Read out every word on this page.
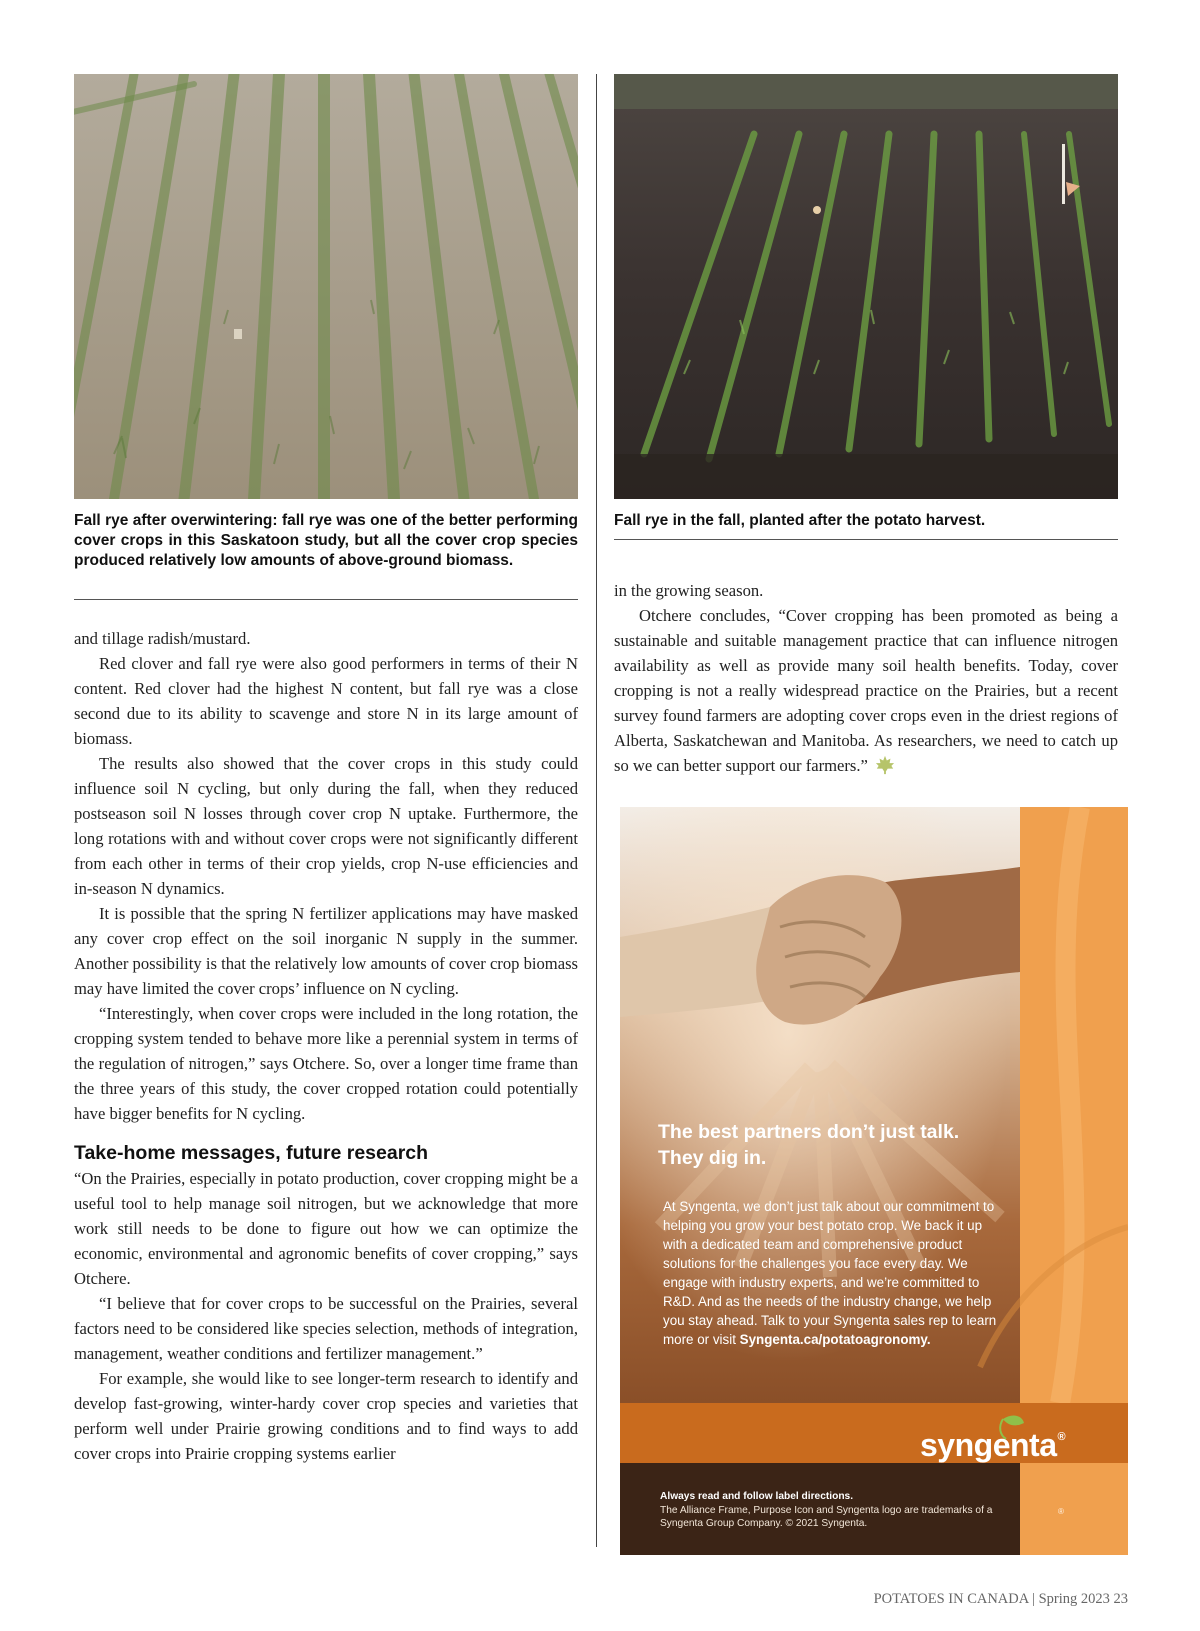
Fall rye after overwintering: fall rye was one of the better performing cover crops in this Saskatoon study, but all the cover crop species produced relatively low amounts of above-ground biomass.

Fall rye in the fall, planted after the potato harvest.

and tillage radish/mustard.

Red clover and fall rye were also good performers in terms of their N content. Red clover had the highest N content, but fall rye was a close second due to its ability to scavenge and store N in its large amount of biomass.

The results also showed that the cover crops in this study could influence soil N cycling, but only during the fall, when they reduced postseason soil N losses through cover crop N uptake. Furthermore, the long rotations with and without cover crops were not significantly different from each other in terms of their crop yields, crop N-use efficiencies and in-season N dynamics.

It is possible that the spring N fertilizer applications may have masked any cover crop effect on the soil inorganic N supply in the summer. Another possibility is that the relatively low amounts of cover crop biomass may have limited the cover crops’ influence on N cycling.

“Interestingly, when cover crops were included in the long rotation, the cropping system tended to behave more like a perennial system in terms of the regulation of nitrogen,” says Otchere. So, over a longer time frame than the three years of this study, the cover cropped rotation could potentially have bigger benefits for N cycling.

Take-home messages, future research

“On the Prairies, especially in potato production, cover cropping might be a useful tool to help manage soil nitrogen, but we acknowledge that more work still needs to be done to figure out how we can optimize the economic, environmental and agronomic benefits of cover cropping,” says Otchere.

“I believe that for cover crops to be successful on the Prairies, several factors need to be considered like species selection, methods of integration, management, weather conditions and fertilizer management.”

For example, she would like to see longer-term research to identify and develop fast-growing, winter-hardy cover crop species and varieties that perform well under Prairie growing conditions and to find ways to add cover crops into Prairie cropping systems earlier

in the growing season.

Otchere concludes, “Cover cropping has been promoted as being a sustainable and suitable management practice that can influence nitrogen availability as well as provide many soil health benefits. Today, cover cropping is not a really widespread practice on the Prairies, but a recent survey found farmers are adopting cover crops even in the driest regions of Alberta, Saskatchewan and Manitoba. As researchers, we need to catch up so we can better support our farmers.”

The best partners don’t just talk.
They dig in.

At Syngenta, we don’t just talk about our commitment to helping you grow your best potato crop. We back it up with a dedicated team and comprehensive product solutions for the challenges you face every day. We engage with industry experts, and we’re committed to R&D. And as the needs of the industry change, we help you stay ahead. Talk to your Syngenta sales rep to learn more or visit Syngenta.ca/potatoagronomy.

syngenta®

Always read and follow label directions.

The Alliance Frame, Purpose Icon and Syngenta logo are trademarks of a Syngenta Group Company. © 2021 Syngenta.

®

POTATOES IN CANADA | Spring 2023 23
